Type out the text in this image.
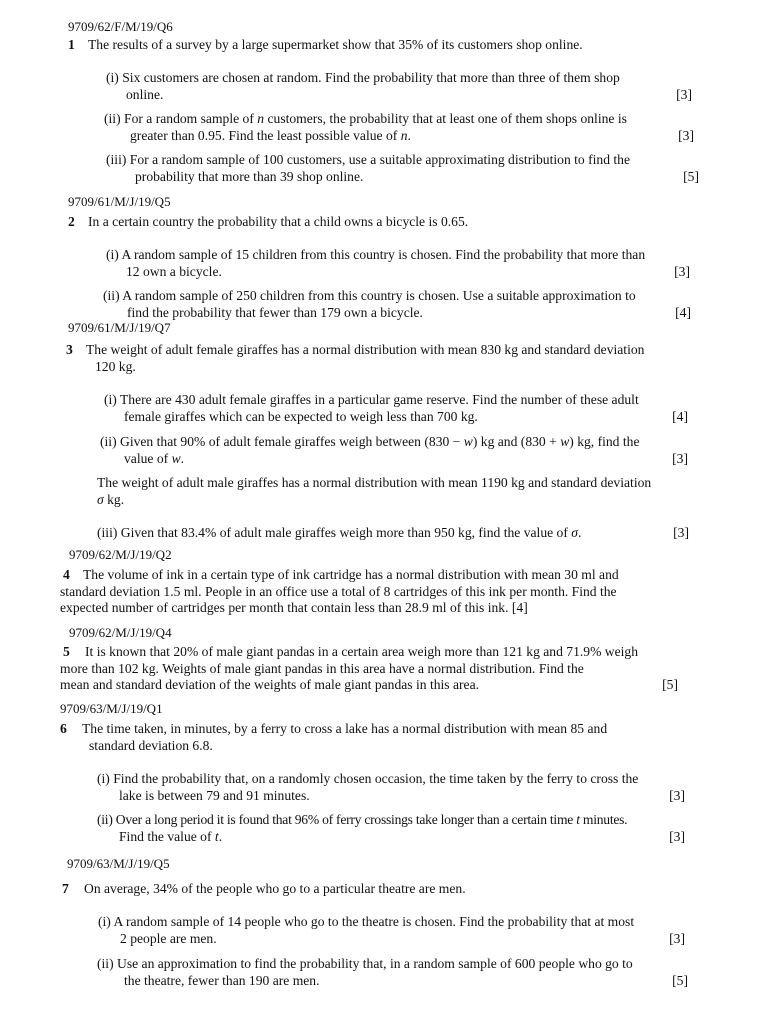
9709/62/F/M/19/Q6
1 The results of a survey by a large supermarket show that 35% of its customers shop online.
(i) Six customers are chosen at random. Find the probability that more than three of them shop
online.	[3]
(ii) For a random sample of n customers, the probability that at least one of them shops online is
greater than 0.95. Find the least possible value of n.	[3]
(iii) For a random sample of 100 customers, use a suitable approximating distribution to find the
probability that more than 39 shop online.	[5]
9709/61/M/J/19/Q5
2 In a certain country the probability that a child owns a bicycle is 0.65.
(i) A random sample of 15 children from this country is chosen. Find the probability that more than
12 own a bicycle.	[3]
(ii) A random sample of 250 children from this country is chosen. Use a suitable approximation to
find the probability that fewer than 179 own a bicycle.	[4]
9709/61/M/J/19/Q7
3 The weight of adult female giraffes has a normal distribution with mean 830 kg and standard deviation
120 kg.
(i) There are 430 adult female giraffes in a particular game reserve. Find the number of these adult
female giraffes which can be expected to weigh less than 700 kg.	[4]
(ii) Given that 90% of adult female giraffes weigh between (830 − w) kg and (830 + w) kg, find the
value of w.	[3]
The weight of adult male giraffes has a normal distribution with mean 1190 kg and standard deviation
σ kg.
(iii) Given that 83.4% of adult male giraffes weigh more than 950 kg, find the value of σ.	[3]
9709/62/M/J/19/Q2
4 The volume of ink in a certain type of ink cartridge has a normal distribution with mean 30 ml and
standard deviation 1.5 ml. People in an office use a total of 8 cartridges of this ink per month. Find the
expected number of cartridges per month that contain less than 28.9 ml of this ink. [4]
9709/62/M/J/19/Q4
5 It is known that 20% of male giant pandas in a certain area weigh more than 121 kg and 71.9% weigh
more than 102 kg. Weights of male giant pandas in this area have a normal distribution. Find the
mean and standard deviation of the weights of male giant pandas in this area.	[5]
9709/63/M/J/19/Q1
6 The time taken, in minutes, by a ferry to cross a lake has a normal distribution with mean 85 and
standard deviation 6.8.
(i) Find the probability that, on a randomly chosen occasion, the time taken by the ferry to cross the
lake is between 79 and 91 minutes.	[3]
(ii) Over a long period it is found that 96% of ferry crossings take longer than a certain time t minutes.
Find the value of t.	[3]
9709/63/M/J/19/Q5
7 On average, 34% of the people who go to a particular theatre are men.
(i) A random sample of 14 people who go to the theatre is chosen. Find the probability that at most
2 people are men.	[3]
(ii) Use an approximation to find the probability that, in a random sample of 600 people who go to
the theatre, fewer than 190 are men.	[5]
